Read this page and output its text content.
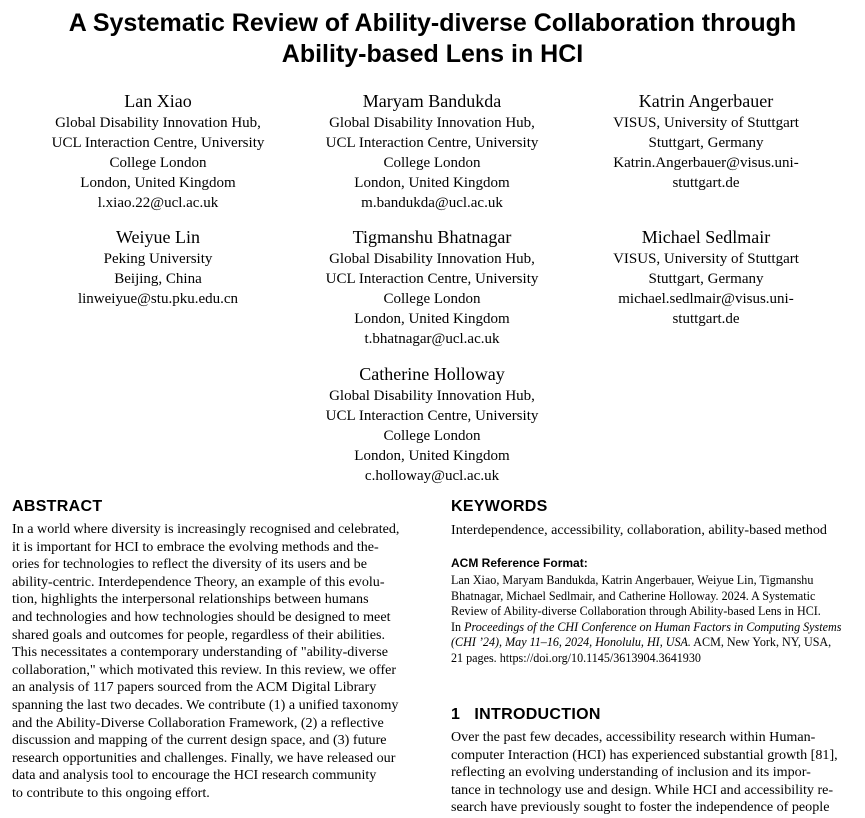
A Systematic Review of Ability-diverse Collaboration through
Ability-based Lens in HCI
Lan Xiao
Global Disability Innovation Hub,
UCL Interaction Centre, University
College London
London, United Kingdom
l.xiao.22@ucl.ac.uk
Maryam Bandukda
Global Disability Innovation Hub,
UCL Interaction Centre, University
College London
London, United Kingdom
m.bandukda@ucl.ac.uk
Katrin Angerbauer
VISUS, University of Stuttgart
Stuttgart, Germany
Katrin.Angerbauer@visus.uni-
stuttgart.de
Weiyue Lin
Peking University
Beijing, China
linweiyue@stu.pku.edu.cn
Tigmanshu Bhatnagar
Global Disability Innovation Hub,
UCL Interaction Centre, University
College London
London, United Kingdom
t.bhatnagar@ucl.ac.uk
Michael Sedlmair
VISUS, University of Stuttgart
Stuttgart, Germany
michael.sedlmair@visus.uni-
stuttgart.de
Catherine Holloway
Global Disability Innovation Hub,
UCL Interaction Centre, University
College London
London, United Kingdom
c.holloway@ucl.ac.uk
ABSTRACT
In a world where diversity is increasingly recognised and celebrated,
it is important for HCI to embrace the evolving methods and the-
ories for technologies to reflect the diversity of its users and be
ability-centric. Interdependence Theory, an example of this evolu-
tion, highlights the interpersonal relationships between humans
and technologies and how technologies should be designed to meet
shared goals and outcomes for people, regardless of their abilities.
This necessitates a contemporary understanding of "ability-diverse
collaboration," which motivated this review. In this review, we offer
an analysis of 117 papers sourced from the ACM Digital Library
spanning the last two decades. We contribute (1) a unified taxonomy
and the Ability-Diverse Collaboration Framework, (2) a reflective
discussion and mapping of the current design space, and (3) future
research opportunities and challenges. Finally, we have released our
data and analysis tool to encourage the HCI research community
to contribute to this ongoing effort.
KEYWORDS
Interdependence, accessibility, collaboration, ability-based method
ACM Reference Format:
Lan Xiao, Maryam Bandukda, Katrin Angerbauer, Weiyue Lin, Tigmanshu
Bhatnagar, Michael Sedlmair, and Catherine Holloway. 2024. A Systematic
Review of Ability-diverse Collaboration through Ability-based Lens in HCI.
In Proceedings of the CHI Conference on Human Factors in Computing Systems
(CHI ’24), May 11–16, 2024, Honolulu, HI, USA. ACM, New York, NY, USA,
21 pages. https://doi.org/10.1145/3613904.3641930
1   INTRODUCTION
Over the past few decades, accessibility research within Human-
computer Interaction (HCI) has experienced substantial growth [81],
reflecting an evolving understanding of inclusion and its impor-
tance in technology use and design. While HCI and accessibility re-
search have previously sought to foster the independence of people
